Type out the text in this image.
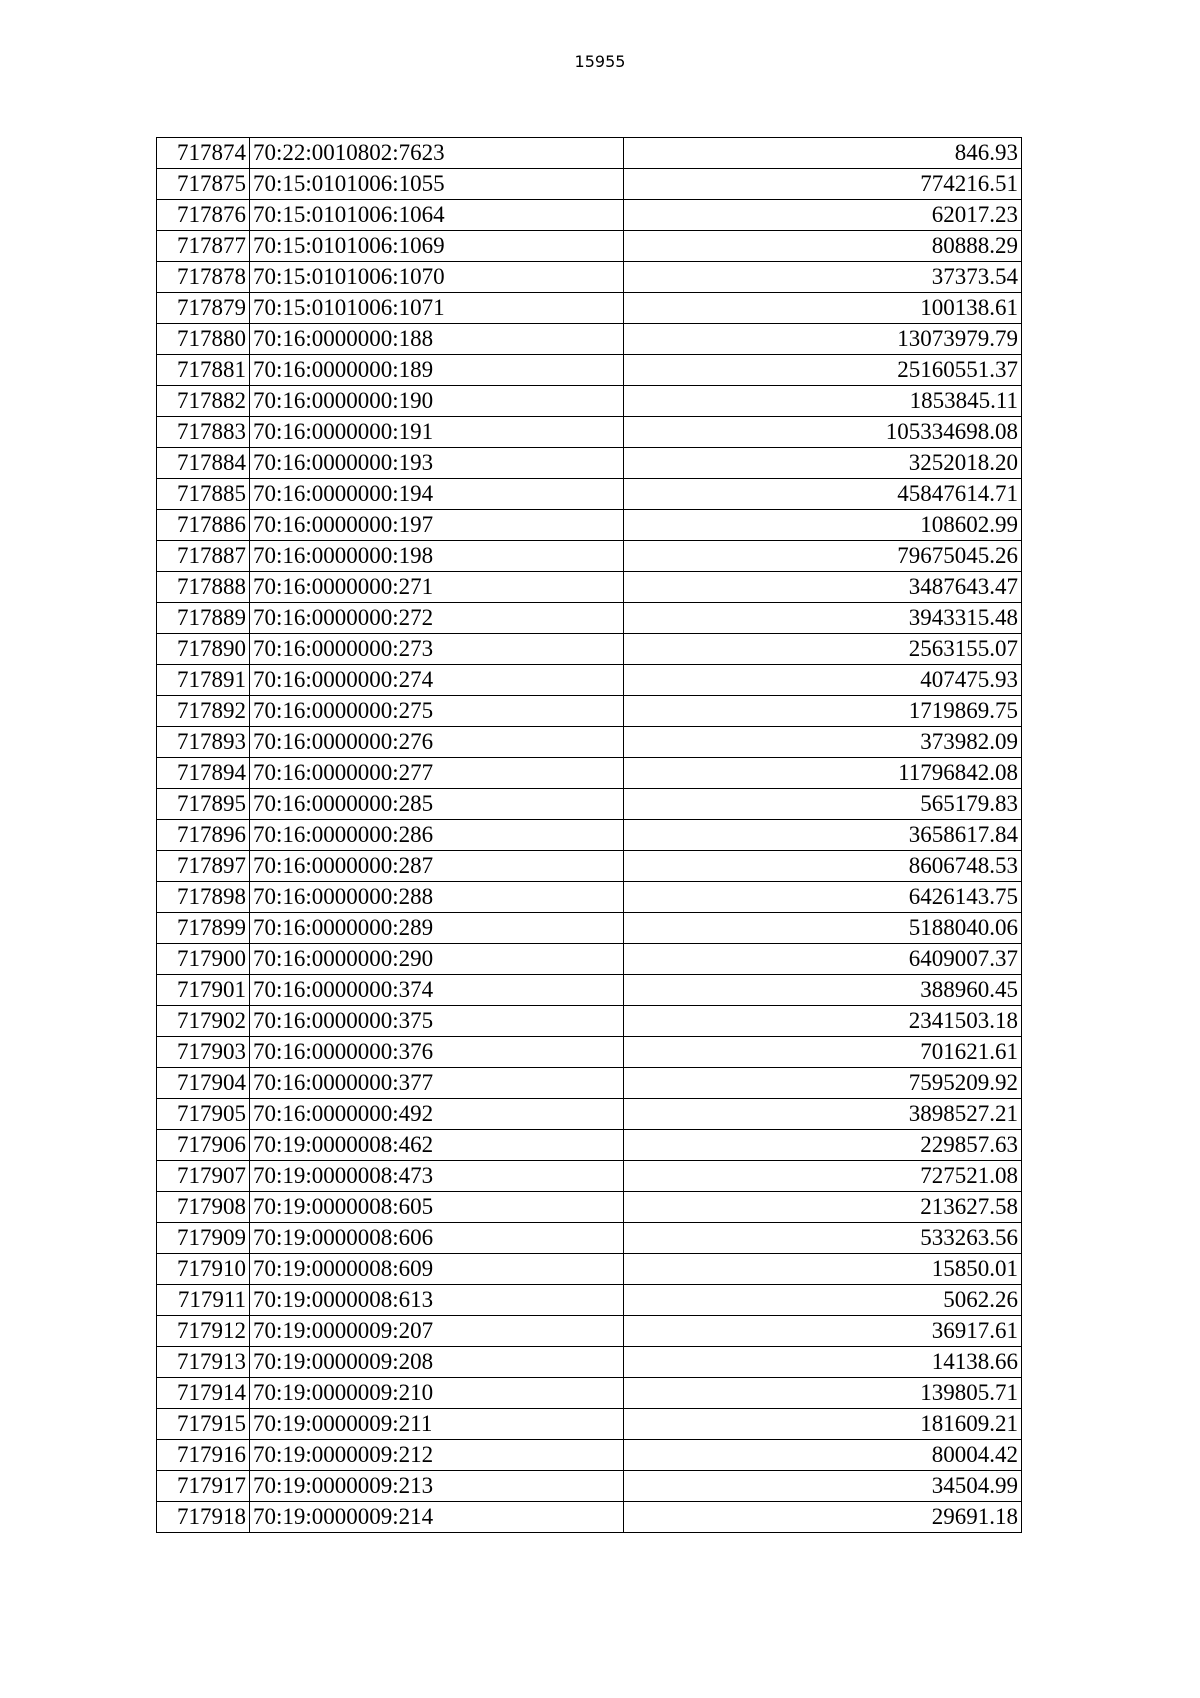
15955
717874	70:22:0010802:7623	846.93
717875	70:15:0101006:1055	774216.51
717876	70:15:0101006:1064	62017.23
717877	70:15:0101006:1069	80888.29
717878	70:15:0101006:1070	37373.54
717879	70:15:0101006:1071	100138.61
717880	70:16:0000000:188	13073979.79
717881	70:16:0000000:189	25160551.37
717882	70:16:0000000:190	1853845.11
717883	70:16:0000000:191	105334698.08
717884	70:16:0000000:193	3252018.20
717885	70:16:0000000:194	45847614.71
717886	70:16:0000000:197	108602.99
717887	70:16:0000000:198	79675045.26
717888	70:16:0000000:271	3487643.47
717889	70:16:0000000:272	3943315.48
717890	70:16:0000000:273	2563155.07
717891	70:16:0000000:274	407475.93
717892	70:16:0000000:275	1719869.75
717893	70:16:0000000:276	373982.09
717894	70:16:0000000:277	11796842.08
717895	70:16:0000000:285	565179.83
717896	70:16:0000000:286	3658617.84
717897	70:16:0000000:287	8606748.53
717898	70:16:0000000:288	6426143.75
717899	70:16:0000000:289	5188040.06
717900	70:16:0000000:290	6409007.37
717901	70:16:0000000:374	388960.45
717902	70:16:0000000:375	2341503.18
717903	70:16:0000000:376	701621.61
717904	70:16:0000000:377	7595209.92
717905	70:16:0000000:492	3898527.21
717906	70:19:0000008:462	229857.63
717907	70:19:0000008:473	727521.08
717908	70:19:0000008:605	213627.58
717909	70:19:0000008:606	533263.56
717910	70:19:0000008:609	15850.01
717911	70:19:0000008:613	5062.26
717912	70:19:0000009:207	36917.61
717913	70:19:0000009:208	14138.66
717914	70:19:0000009:210	139805.71
717915	70:19:0000009:211	181609.21
717916	70:19:0000009:212	80004.42
717917	70:19:0000009:213	34504.99
717918	70:19:0000009:214	29691.18
